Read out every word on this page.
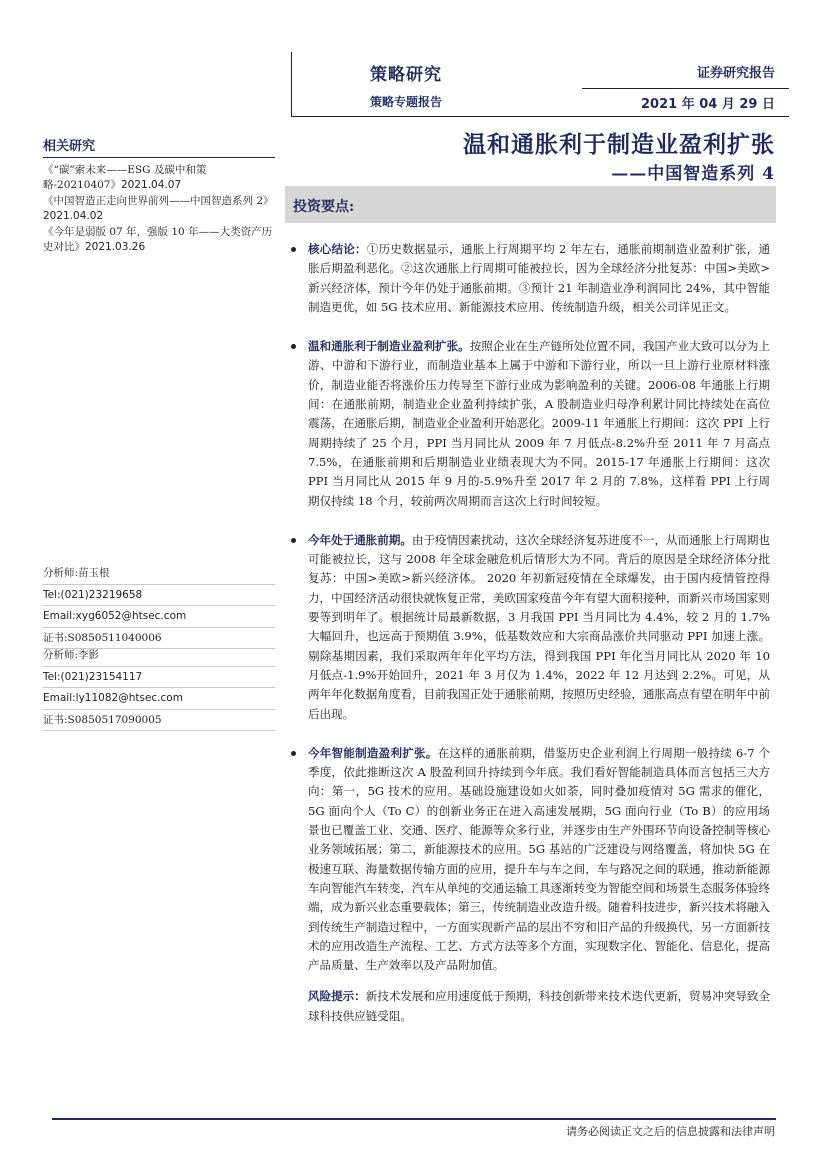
策略研究
策略专题报告
证券研究报告
2021 年 04 月 29 日
温和通胀利于制造业盈利扩张
——中国智造系列 4
相关研究
《“碳”索未来——ESG 及碳中和策略-20210407》2021.04.07
《中国智造正走向世界前列——中国智造系列 2》2021.04.02
《今年是弱版 07 年，强版 10 年——大类资产历史对比》2021.03.26
分析师:苗玉根
Tel:(021)23219658
Email:xyg6052@htsec.com
证书:S0850511040006
分析师:李影
Tel:(021)23154117
Email:ly11082@htsec.com
证书:S0850517090005
投资要点:
核心结论：①历史数据显示，通胀上行周期平均 2 年左右，通胀前期制造业盈利扩张，通胀后期盈利恶化。②这次通胀上行周期可能被拉长，因为全球经济分批复苏：中国>美欧>新兴经济体，预计今年仍处于通胀前期。③预计 21 年制造业净利润同比 24%，其中智能制造更优，如 5G 技术应用、新能源技术应用、传统制造升级，相关公司详见正文。
温和通胀利于制造业盈利扩张。按照企业在生产链所处位置不同，我国产业大致可以分为上游、中游和下游行业，而制造业基本上属于中游和下游行业，所以一旦上游行业原材料涨价，制造业能否将涨价压力传导至下游行业成为影响盈利的关键。2006-08 年通胀上行期间：在通胀前期，制造业企业盈利持续扩张，A 股制造业归母净利累计同比持续处在高位震荡，在通胀后期，制造业企业盈利开始恶化。2009-11 年通胀上行期间：这次 PPI 上行周期持续了 25 个月，PPI 当月同比从 2009 年 7 月低点-8.2%升至 2011 年 7 月高点 7.5%，在通胀前期和后期制造业业绩表现大为不同。2015-17 年通胀上行期间：这次 PPI 当月同比从 2015 年 9 月的-5.9%升至 2017 年 2 月的 7.8%，这样看 PPI 上行周期仅持续 18 个月，较前两次周期而言这次上行时间较短。
今年处于通胀前期。由于疫情因素扰动，这次全球经济复苏进度不一，从而通胀上行周期也可能被拉长，这与 2008 年全球金融危机后情形大为不同。背后的原因是全球经济体分批复苏：中国>美欧>新兴经济体。 2020 年初新冠疫情在全球爆发，由于国内疫情管控得力，中国经济活动很快就恢复正常，美欧国家疫苗今年有望大面积接种，而新兴市场国家则要等到明年了。根据统计局最新数据，3 月我国 PPI 当月同比为 4.4%，较 2 月的 1.7%大幅回升，也远高于预期值 3.9%，低基数效应和大宗商品涨价共同驱动 PPI 加速上涨。剔除基期因素，我们采取两年年化平均方法，得到我国 PPI 年化当月同比从 2020 年 10 月低点-1.9%开始回升，2021 年 3 月仅为 1.4%，2022 年 12 月达到 2.2%。可见，从两年年化数据角度看，目前我国正处于通胀前期，按照历史经验，通胀高点有望在明年中前后出现。
今年智能制造盈利扩张。在这样的通胀前期，借鉴历史企业利润上行周期一般持续 6-7 个季度，依此推断这次 A 股盈利回升持续到今年底。我们看好智能制造具体而言包括三大方向：第一，5G 技术的应用。基础设施建设如火如荼，同时叠加疫情对 5G 需求的催化，5G 面向个人（To C）的创新业务正在进入高速发展期，5G 面向行业（To B）的应用场景也已覆盖工业、交通、医疗、能源等众多行业，并逐步由生产外围环节向设备控制等核心业务领域拓展；第二，新能源技术的应用。5G 基站的广泛建设与网络覆盖，将加快 5G 在极速互联、海量数据传输方面的应用，提升车与车之间，车与路况之间的联通，推动新能源车向智能汽车转变，汽车从单纯的交通运输工具逐渐转变为智能空间和场景生态服务体验终端，成为新兴业态重要载体；第三，传统制造业改造升级。随着科技进步，新兴技术将融入到传统生产制造过程中，一方面实现新产品的层出不穷和旧产品的升级换代，另一方面新技术的应用改造生产流程、工艺、方式方法等多个方面，实现数字化、智能化、信息化，提高产品质量、生产效率以及产品附加值。
风险提示：新技术发展和应用速度低于预期，科技创新带来技术迭代更新，贸易冲突导致全球科技供应链受阻。
请务必阅读正文之后的信息披露和法律声明
